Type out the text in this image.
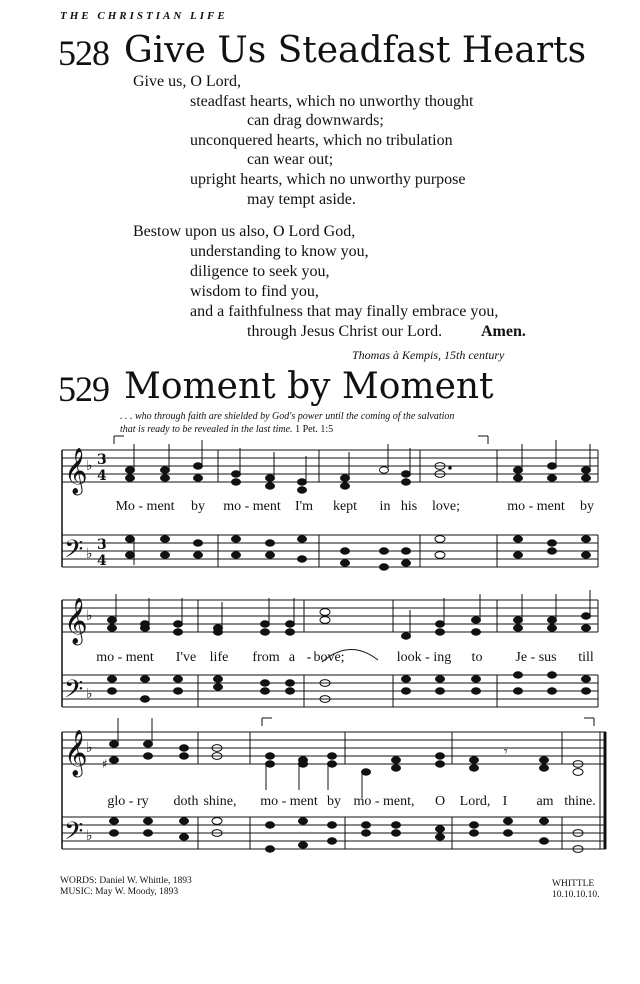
THE CHRISTIAN LIFE
528 Give Us Steadfast Hearts
Give us, O Lord,
steadfast hearts, which no unworthy thought
can drag downwards;
unconquered hearts, which no tribulation
can wear out;
upright hearts, which no unworthy purpose
may tempt aside.
Bestow upon us also, O Lord God,
understanding to know you,
diligence to seek you,
wisdom to find you,
and a faithfulness that may finally embrace you,
through Jesus Christ our Lord. Amen.
Thomas à Kempis, 15th century
529 Moment by Moment
. . . who through faith are shielded by God's power until the coming of the salvation
that is ready to be revealed in the last time. 1 Pet. 1:5
𝄞
𝄢
♭
♭
3
4
3
4
Mo - ment by mo - ment I'm kept in his love;	mo - ment by
𝄞
𝄢
♭
♭
mo - ment I've life from a - bove;	look - ing to Je - sus till
𝄞
𝄢
♭
♭
♯
𝄾
glo - ry doth shine, mo - ment by mo - ment, O Lord, I am thine.
WORDS: Daniel W. Whittle, 1893
MUSIC: May W. Moody, 1893
WHITTLE
10.10.10.10.
